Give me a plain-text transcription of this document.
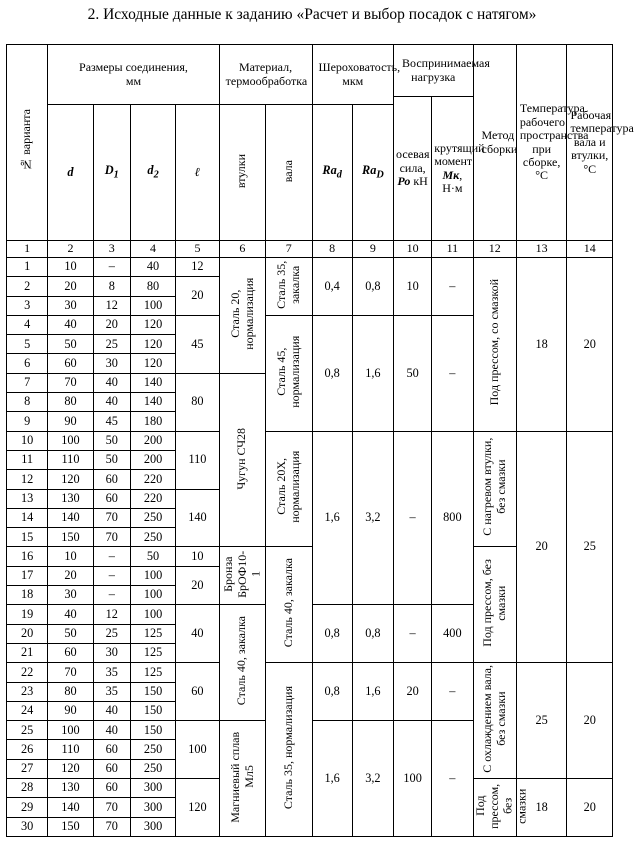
2. Исходные данные к заданию «Расчет и выбор посадок с натягом»
№ варианта	Размеры соединения, мм				Материал, термообработка		Шероховатость, мкм		Воспринимаемая нагрузка		Метод сборки	Температура рабочего пространства при сборке, °С	Рабочая температура вала и втулки, °С
									осевая сила, Ро кН	крутящий момент Мк, Н·м			
	d	$D_1$	$d_2$	ℓ	втулки	вала	$Ra_d$	$Ra_D$
1	2	3	4	5	6	7	8	9	10	11	12	13	14
1	10	–	40	12	Сталь 20, нормализация	Сталь 35, закалка	0,4	0,8	10	–	Под прессом, со смазкой	18	20
2	20	8	80	20									
3	30	12	100										
4	40	20	120	45		Сталь 45, нормализация	0,8	1,6	50	–			
5	50	25	120										
6	60	30	120										
7	70	40	140	80	Чугун СЧ28								
8	80	40	140										
9	90	45	180										
10	100	50	200	110		Сталь 20Х, нормализация	1,6	3,2	–	800	С нагревом втулки, без смазки	20	25
11	110	50	200										
12	120	60	220										
13	130	60	220	140									
14	140	70	250										
15	150	70	250										
16	10	–	50	10	Бронза БрОФ10-1	Сталь 40, закалка					Под прессом, без смазки		
17	20	–	100	20									
18	30	–	100										
19	40	12	100	40	Сталь 40, закалка		0,8	0,8	–	400			
20	50	25	125										
21	60	30	125										
22	70	35	125	60		Сталь 35, нормализация	0,8	1,6	20	–	С охлаждением вала, без смазки	25	20
23	80	35	150										
24	90	40	150										
25	100	40	150	100	Магниевый сплав Мл5		1,6	3,2	100	–			
26	110	60	250										
27	120	60	250										
28	130	60	300	120							Под прессом, без смазки	18	20
29	140	70	300										
30	150	70	300										
